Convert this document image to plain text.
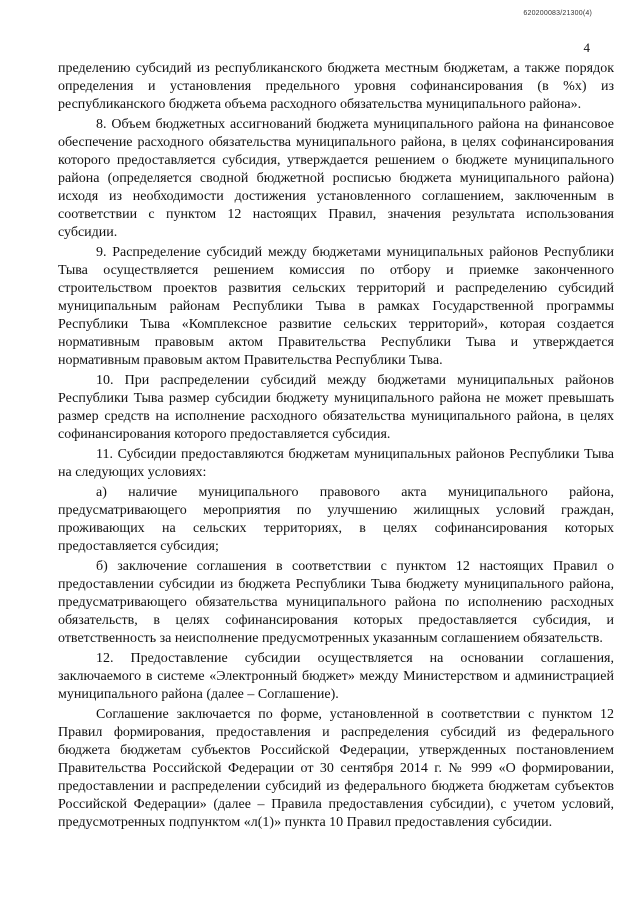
620200083/21300(4)
4

пределению субсидий из республиканского бюджета местным бюджетам, а также порядок определения и установления предельного уровня софинансирования (в %х) из республиканского бюджета объема расходного обязательства муниципального района».

8. Объем бюджетных ассигнований бюджета муниципального района на финансовое обеспечение расходного обязательства муниципального района, в целях софинансирования которого предоставляется субсидия, утверждается решением о бюджете муниципального района (определяется сводной бюджетной росписью бюджета муниципального района) исходя из необходимости достижения установленного соглашением, заключенным в соответствии с пунктом 12 настоящих Правил, значения результата использования субсидии.

9. Распределение субсидий между бюджетами муниципальных районов Республики Тыва осуществляется решением комиссия по отбору и приемке законченного строительством проектов развития сельских территорий и распределению субсидий муниципальным районам Республики Тыва в рамках Государственной программы Республики Тыва «Комплексное развитие сельских территорий», которая создается нормативным правовым актом Правительства Республики Тыва и утверждается нормативным правовым актом Правительства Республики Тыва.

10. При распределении субсидий между бюджетами муниципальных районов Республики Тыва размер субсидии бюджету муниципального района не может превышать размер средств на исполнение расходного обязательства муниципального района, в целях софинансирования которого предоставляется субсидия.

11. Субсидии предоставляются бюджетам муниципальных районов Республики Тыва на следующих условиях:

а) наличие муниципального правового акта муниципального района, предусматривающего мероприятия по улучшению жилищных условий граждан, проживающих на сельских территориях, в целях софинансирования которых предоставляется субсидия;

б) заключение соглашения в соответствии с пунктом 12 настоящих Правил о предоставлении субсидии из бюджета Республики Тыва бюджету муниципального района, предусматривающего обязательства муниципального района по исполнению расходных обязательств, в целях софинансирования которых предоставляется субсидия, и ответственность за неисполнение предусмотренных указанным соглашением обязательств.

12. Предоставление субсидии осуществляется на основании соглашения, заключаемого в системе «Электронный бюджет» между Министерством и администрацией муниципального района (далее – Соглашение).

Соглашение заключается по форме, установленной в соответствии с пунктом 12 Правил формирования, предоставления и распределения субсидий из федерального бюджета бюджетам субъектов Российской Федерации, утвержденных постановлением Правительства Российской Федерации от 30 сентября 2014 г. № 999 «О формировании, предоставлении и распределении субсидий из федерального бюджета бюджетам субъектов Российской Федерации» (далее – Правила предоставления субсидии), с учетом условий, предусмотренных подпунктом «л(1)» пункта 10 Правил предоставления субсидии.
